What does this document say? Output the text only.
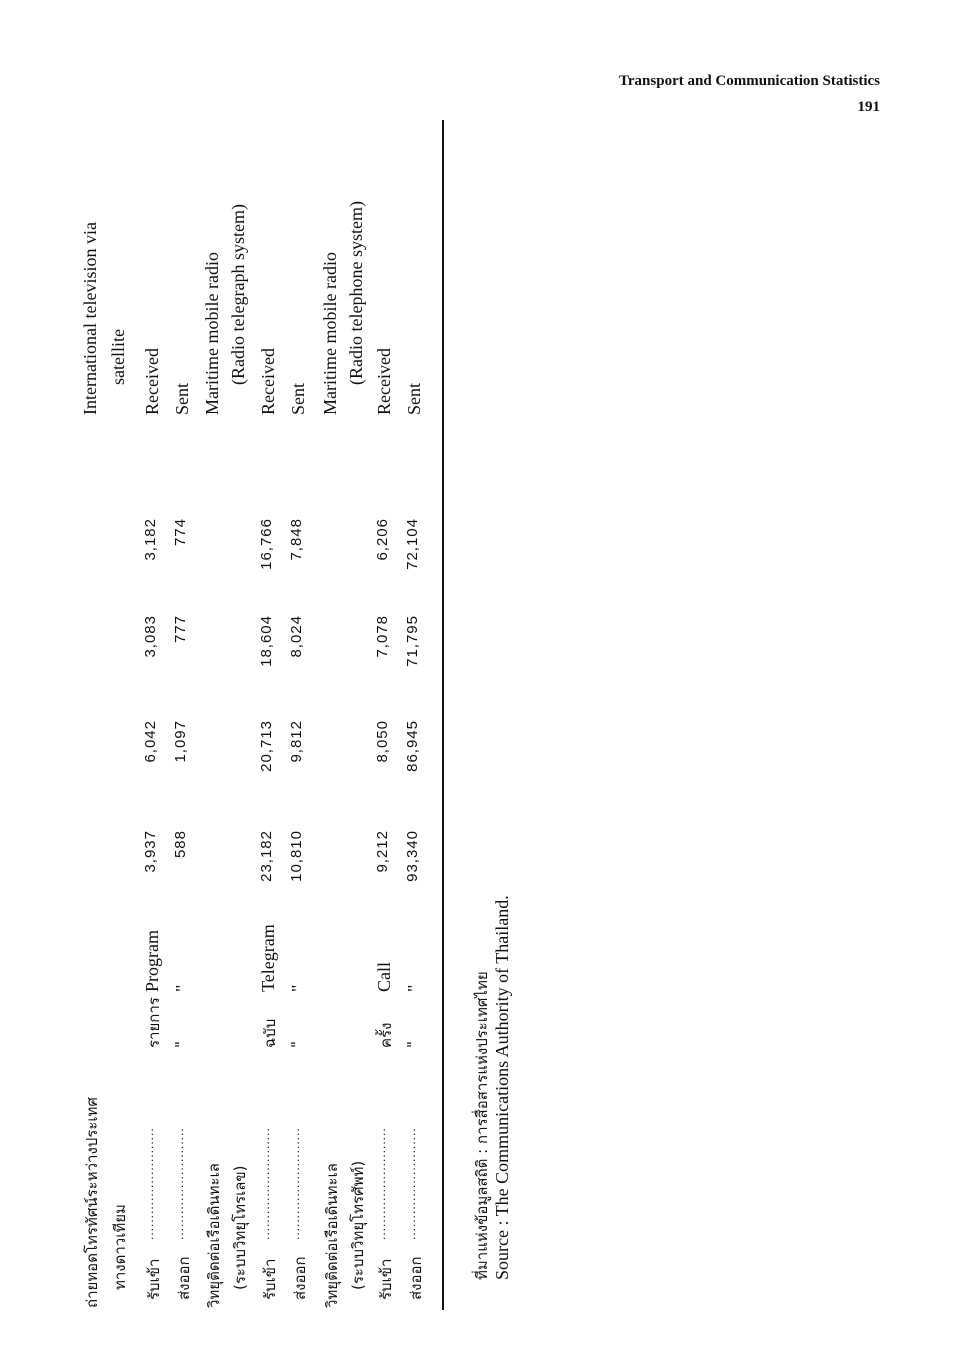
Transport and Communication Statistics
191
ถ่ายทอดโทรทัศน์ระหว่างประเทศ
International television via
ทางดาวเทียม
satellite
รับเข้า
..........................
รายการ
Program
3,937
6,042
3,083
3,182
Received
ส่งออก
..........................
"
"
588
1,097
777
774
Sent
วิทยุติดต่อเรือเดินทะเล
Maritime mobile radio
(ระบบวิทยุโทรเลข)
(Radio telegraph system)
รับเข้า
..........................
ฉบับ
Telegram
23,182
20,713
18,604
16,766
Received
ส่งออก
..........................
"
"
10,810
9,812
8,024
7,848
Sent
วิทยุติดต่อเรือเดินทะเล
Maritime mobile radio
(ระบบวิทยุโทรศัพท์)
(Radio telephone system)
รับเข้า
..........................
ครั้ง
Call
9,212
8,050
7,078
6,206
Received
ส่งออก
..........................
"
"
93,340
86,945
71,795
72,104
Sent
ที่มาแห่งข้อมูลสถิติ : การสื่อสารแห่งประเทศไทย Source : The Communications Authority of Thailand.
